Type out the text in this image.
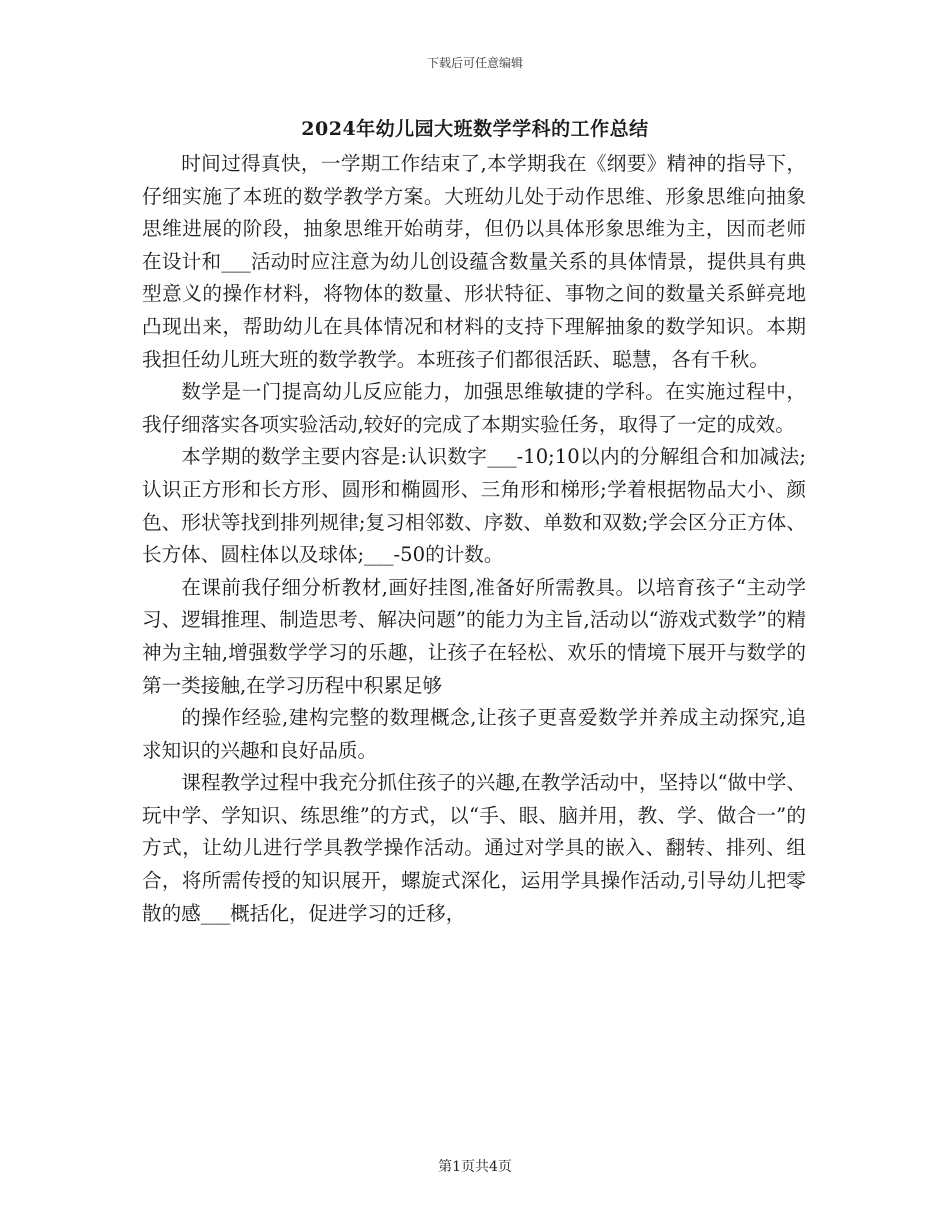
下载后可任意编辑
2024年幼儿园大班数学学科的工作总结

时间过得真快，一学期工作结束了,本学期我在《纲要》精神的指导下，仔细实施了本班的数学教学方案。大班幼儿处于动作思维、形象思维向抽象思维进展的阶段，抽象思维开始萌芽，但仍以具体形象思维为主，因而老师在设计和___活动时应注意为幼儿创设蕴含数量关系的具体情景，提供具有典型意义的操作材料，将物体的数量、形状特征、事物之间的数量关系鲜亮地凸现出来，帮助幼儿在具体情况和材料的支持下理解抽象的数学知识。本期我担任幼儿班大班的数学教学。本班孩子们都很活跃、聪慧，各有千秋。

数学是一门提高幼儿反应能力，加强思维敏捷的学科。在实施过程中，我仔细落实各项实验活动,较好的完成了本期实验任务，取得了一定的成效。

本学期的数学主要内容是:认识数字___-10;10以内的分解组合和加减法;认识正方形和长方形、圆形和椭圆形、三角形和梯形;学着根据物品大小、颜色、形状等找到排列规律;复习相邻数、序数、单数和双数;学会区分正方体、长方体、圆柱体以及球体;___-50的计数。

在课前我仔细分析教材,画好挂图,准备好所需教具。以培育孩子“主动学习、逻辑推理、制造思考、解决问题”的能力为主旨,活动以“游戏式数学”的精神为主轴,增强数学学习的乐趣，让孩子在轻松、欢乐的情境下展开与数学的第一类接触,在学习历程中积累足够

的操作经验,建构完整的数理概念,让孩子更喜爱数学并养成主动探究,追求知识的兴趣和良好品质。

课程教学过程中我充分抓住孩子的兴趣,在教学活动中，坚持以“做中学、玩中学、学知识、练思维”的方式，以“手、眼、脑并用，教、学、做合一”的方式，让幼儿进行学具教学操作活动。通过对学具的嵌入、翻转、排列、组合，将所需传授的知识展开，螺旋式深化，运用学具操作活动,引导幼儿把零散的感___概括化，促进学习的迁移，

第1页共4页
